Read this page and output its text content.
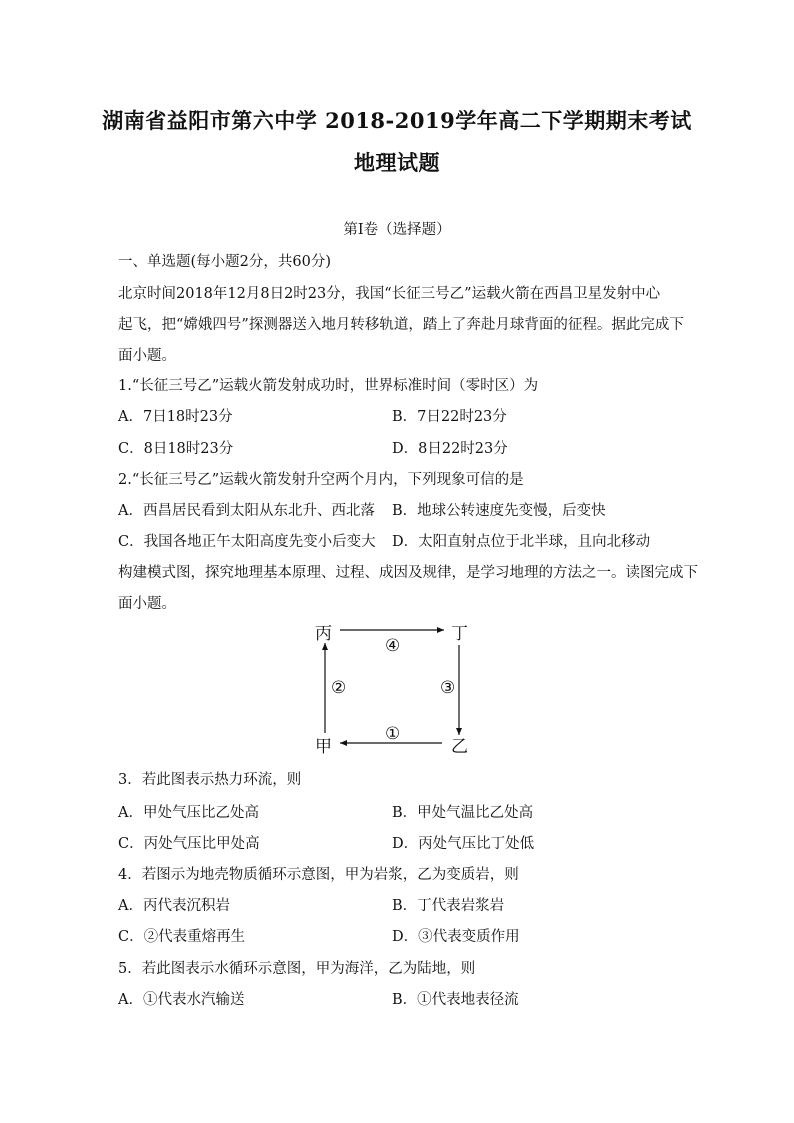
湖南省益阳市第六中学 2018-2019学年高二下学期期末考试
地理试题
第Ⅰ卷（选择题）
一、单选题(每小题2分，共60分)
北京时间2018年12月8日2时23分，我国“长征三号乙”运载火箭在西昌卫星发射中心
起飞，把“嫦娥四号”探测器送入地月转移轨道，踏上了奔赴月球背面的征程。据此完成下
面小题。
1.“长征三号乙”运载火箭发射成功时，世界标准时间（零时区）为
A．7日18时23分	B．7日22时23分
C．8日18时23分	D．8日22时23分
2.“长征三号乙”运载火箭发射升空两个月内，下列现象可信的是
A．西昌居民看到太阳从东北升、西北落 B．地球公转速度先变慢，后变快
C．我国各地正午太阳高度先变小后变大 D．太阳直射点位于北半球，且向北移动
构建模式图，探究地理基本原理、过程、成因及规律，是学习地理的方法之一。读图完成下
面小题。
丙	丁
甲	乙
④
②	③
①
3．若此图表示热力环流，则
A．甲处气压比乙处高	B．甲处气温比乙处高
C．丙处气压比甲处高	D．丙处气压比丁处低
4．若图示为地壳物质循环示意图，甲为岩浆，乙为变质岩，则
A．丙代表沉积岩	B．丁代表岩浆岩
C．②代表重熔再生	D．③代表变质作用
5．若此图表示水循环示意图，甲为海洋，乙为陆地，则
A．①代表水汽输送	B．①代表地表径流
